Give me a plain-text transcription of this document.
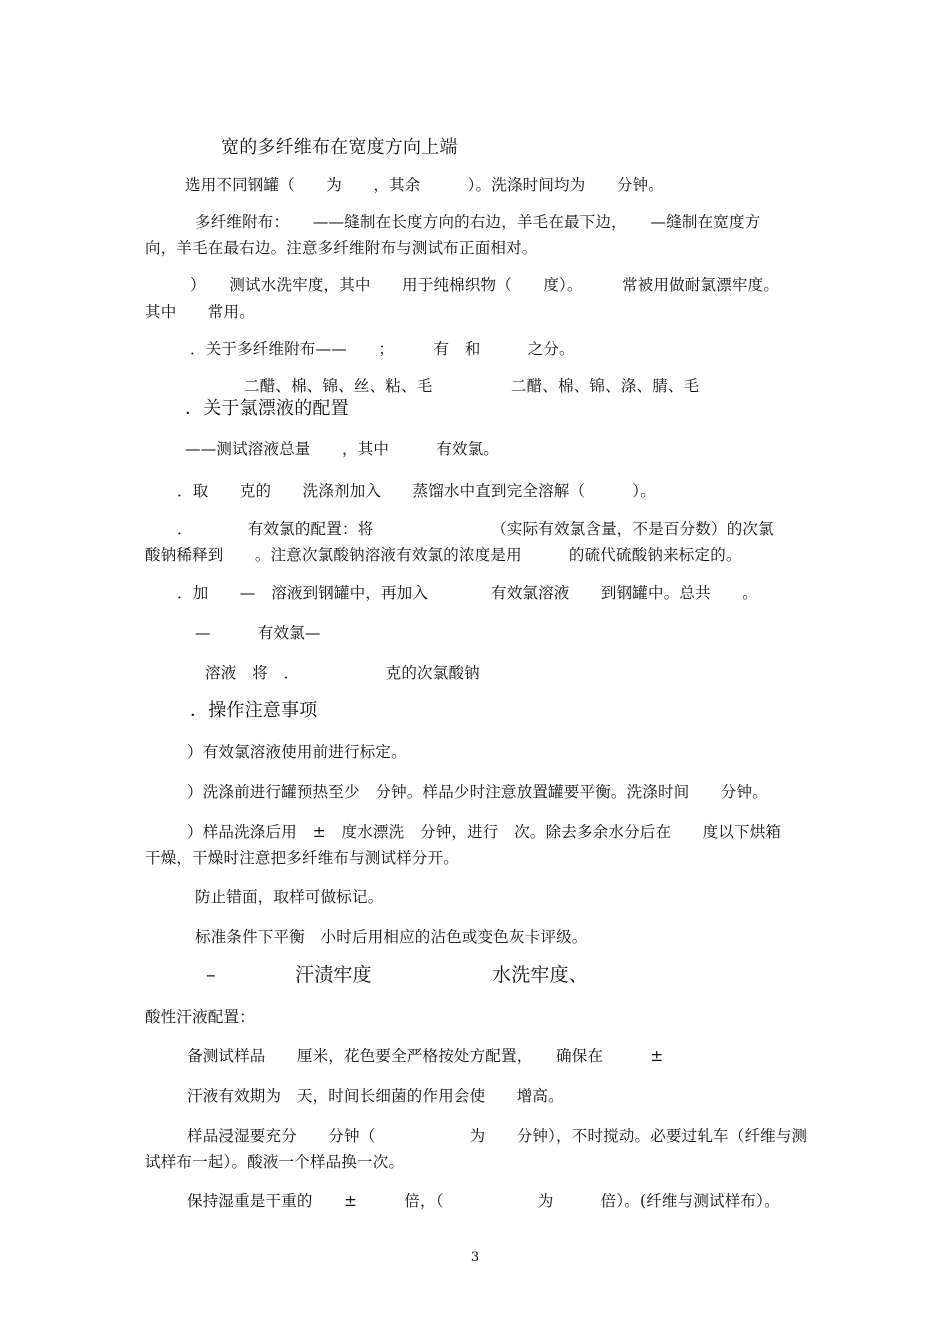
宽的多纤维布在宽度方向上端
选用不同钢罐（　　为　　，其余　　　）。洗涤时间均为　　分钟。
多纤维附布：　　——缝制在长度方向的右边，羊毛在最下边，　　—缝制在宽度方
向，羊毛在最右边。注意多纤维附布与测试布正面相对。
）　　测试水洗牢度，其中　　用于纯棉织物（　　度）。　　　常被用做耐氯漂牢度。
其中　　常用。
．关于多纤维附布——　　；　　　有　和　　　之分。
二醋、棉、锦、丝、粘、毛　　　　　二醋、棉、锦、涤、腈、毛
．关于氯漂液的配置
——测试溶液总量　　，其中　　　有效氯。
．取　　克的　　洗涤剂加入　　蒸馏水中直到完全溶解（　　　）。
．　　　　有效氯的配置：将　　　　　　　　（实际有效氯含量，不是百分数）的次氯
酸钠稀释到　　。注意次氯酸钠溶液有效氯的浓度是用　　　的硫代硫酸钠来标定的。
．加　　—　溶液到钢罐中，再加入　　　　有效氯溶液　　到钢罐中。总共　　。
—　　　有效氯—
溶液　将　．　　　　　　克的次氯酸钠
．操作注意事项
）有效氯溶液使用前进行标定。
）洗涤前进行罐预热至少　分钟。样品少时注意放置罐要平衡。洗涤时间　　分钟。
）样品洗涤后用　±　度水漂洗　分钟，进行　次。除去多余水分后在　　度以下烘箱
干燥，干燥时注意把多纤维布与测试样分开。
防止错面，取样可做标记。
标准条件下平衡　小时后用相应的沾色或变色灰卡评级。
–	汗渍牢度	水洗牢度、
酸性汗液配置：
备测试样品　　厘米，花色要全严格按处方配置，　　确保在　　　±
汗液有效期为　天，时间长细菌的作用会使　　增高。
样品浸湿要充分　　分钟（　　　　　　为　　分钟），不时搅动。必要过轧车（纤维与测
试样布一起）。酸液一个样品换一次。
保持湿重是干重的　　±　　　倍，（　　　　　　为　　　倍）。(纤维与测试样布）。
3
